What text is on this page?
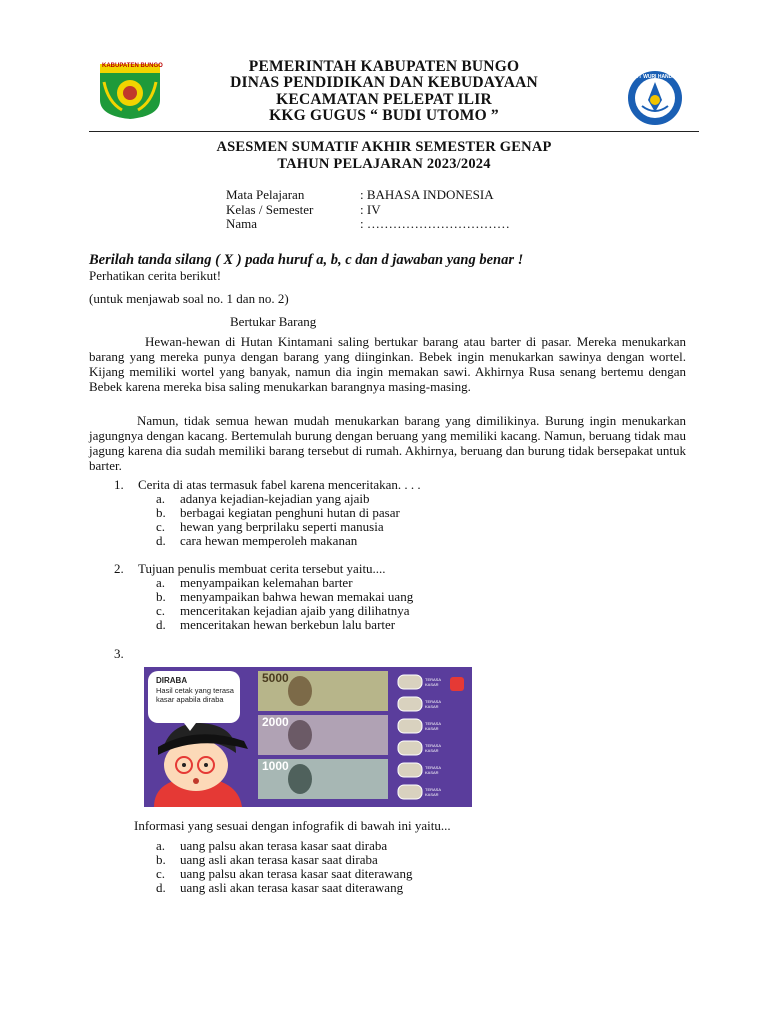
KABUPATEN BUNGO
TUT WURI HANDAYANI
PEMERINTAH KABUPATEN BUNGO
DINAS PENDIDIKAN DAN KEBUDAYAAN
KECAMATAN PELEPAT ILIR
KKG GUGUS “ BUDI UTOMO ”
ASESMEN SUMATIF AKHIR SEMESTER GENAP
TAHUN PELAJARAN 2023/2024
Mata Pelajaran	: BAHASA INDONESIA
Kelas / Semester	: IV
Nama	: ……………………………
Berilah tanda silang ( X ) pada huruf a, b, c dan d jawaban yang benar !
Perhatikan cerita berikut!
(untuk menjawab soal no. 1 dan no. 2)
Bertukar Barang
Hewan-hewan di Hutan Kintamani saling bertukar barang atau barter di pasar. Mereka menukarkan barang yang mereka punya dengan barang yang diinginkan. Bebek ingin menukarkan sawinya dengan wortel. Kijang memiliki wortel yang banyak, namun dia ingin memakan sawi. Akhirnya Rusa senang bertemu dengan Bebek karena mereka bisa saling menukarkan barangnya masing-masing.
Namun, tidak semua hewan mudah menukarkan barang yang dimilikinya. Burung ingin menukarkan jagungnya dengan kacang. Bertemulah burung dengan beruang yang memiliki kacang. Namun, beruang tidak mau jagung karena dia sudah memiliki barang tersebut di rumah. Akhirnya, beruang dan burung tidak bersepakat untuk barter.
1. Cerita di atas termasuk fabel karena menceritakan. . . .
a. adanya kejadian-kejadian yang ajaib
b. berbagai kegiatan penghuni hutan di pasar
c. hewan yang berprilaku seperti manusia
d. cara hewan memperoleh makanan
2. Tujuan penulis membuat cerita tersebut yaitu....
a. menyampaikan kelemahan barter
b. menyampaikan bahwa hewan memakai uang
c. menceritakan kejadian ajaib yang dilihatnya
d. menceritakan hewan berkebun lalu barter
3.
DIRABA
Hasil cetak yang terasa kasar apabila diraba
5000
2000
1000
TERASA KASAR
TERASA KASAR
TERASA KASAR
TERASA KASAR
TERASA KASAR
TERASA KASAR
Informasi yang sesuai dengan infografik di bawah ini yaitu...
a. uang palsu akan terasa kasar saat diraba
b. uang asli akan terasa kasar saat diraba
c. uang palsu akan terasa kasar saat diterawang
d. uang asli akan terasa kasar saat diterawang
